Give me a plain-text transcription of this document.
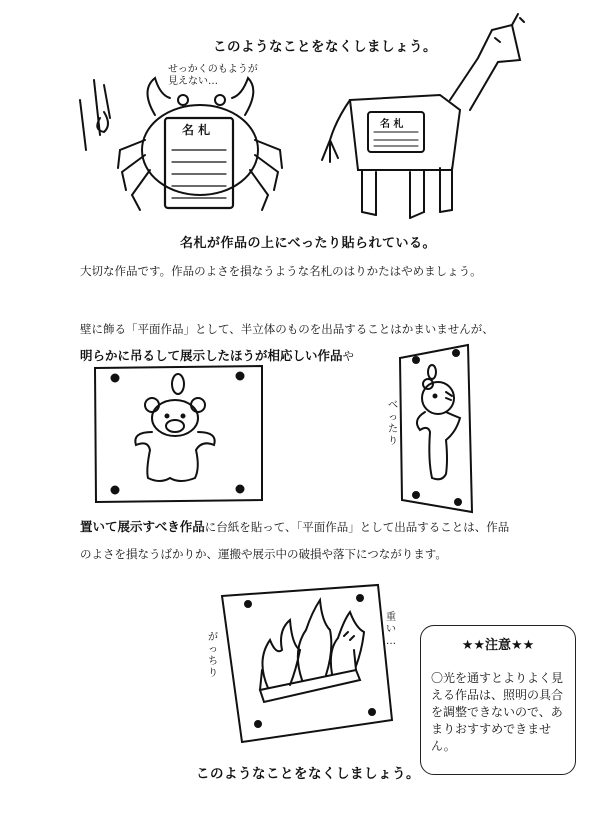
このようなことをなくしましょう。
せっかくのもようが
見えない…
名 札	名 札
名札が作品の上にべったり貼られている。
大切な作品です。作品のよさを損なうような名札のはりかたはやめましょう。
壁に飾る「平面作品」として、半立体のものを出品することはかまいませんが、
明らかに吊るして展示したほうが相応しい作品や
べ
っ
た
り
置いて展示すべき作品に台紙を貼って、「平面作品」として出品することは、作品
のよさを損なうばかりか、運搬や展示中の破損や落下につながります。
が
っ
ち
り
重
い
…
このようなことをなくしましょう。
★★注意★★
〇光を通すとよりよく見える作品は、照明の具合を調整できないので、あまりおすすめできません。
